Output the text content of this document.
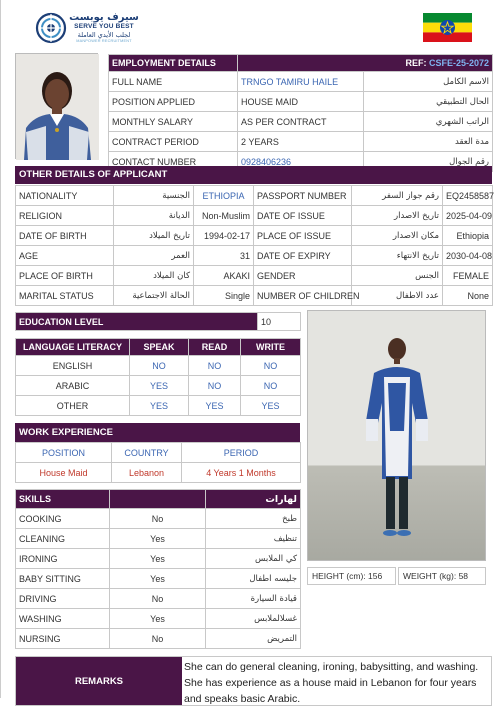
سيرف يوبست
SERVE YOU BEST
لجلب الأيدي العاملة
MANPOWER RECRUITMENT
EMPLOYMENT DETAILS	REF: CSFE-25-2072	
FULL NAME	TRNGO TAMIRU HAILE	الاسم الكامل
POSITION APPLIED	HOUSE MAID	الحال التطبيقي
MONTHLY SALARY	AS PER CONTRACT	الراتب الشهري
CONTRACT PERIOD	2 YEARS	مدة العقد
CONTACT NUMBER	0928406236	رقم الجوال
OTHER DETAILS OF APPLICANT
NATIONALITY	الجنسية	ETHIOPIA	PASSPORT NUMBER	رقم جواز السفر	EQ2458587
RELIGION	الديانة	Non-Muslim	DATE OF ISSUE	تاريخ الاصدار	2025-04-09
DATE OF BIRTH	تاريخ الميلاد	1994-02-17	PLACE OF ISSUE	مكان الاصدار	Ethiopia
AGE	العمر	31	DATE OF EXPIRY	تاريخ الانتهاء	2030-04-08
PLACE OF BIRTH	كان الميلاد	AKAKI	GENDER	الجنس	FEMALE
MARITAL STATUS	الحالة الاجتماعية	Single	NUMBER OF CHILDREN	عدد الاطفال	None
EDUCATION LEVEL	10
LANGUAGE LITERACY	SPEAK	READ	WRITE
ENGLISH	NO	NO	NO
ARABIC	YES	NO	NO
OTHER	YES	YES	YES
WORK EXPERIENCE
POSITION	COUNTRY	PERIOD
House Maid	Lebanon	4 Years 1 Months
SKILLS		لهارات
COOKING	No	طبخ
CLEANING	Yes	تنظيف
IRONING	Yes	كي الملابس
BABY SITTING	Yes	جليسه اطفال
DRIVING	No	قيادة السيارة
WASHING	Yes	غسلالملابس
NURSING	No	التمريض
HEIGHT (cm): 156	WEIGHT (kg): 58
REMARKS
She can do general cleaning, ironing, babysitting, and washing. She has experience as a house maid in Lebanon for four years and speaks basic Arabic.
